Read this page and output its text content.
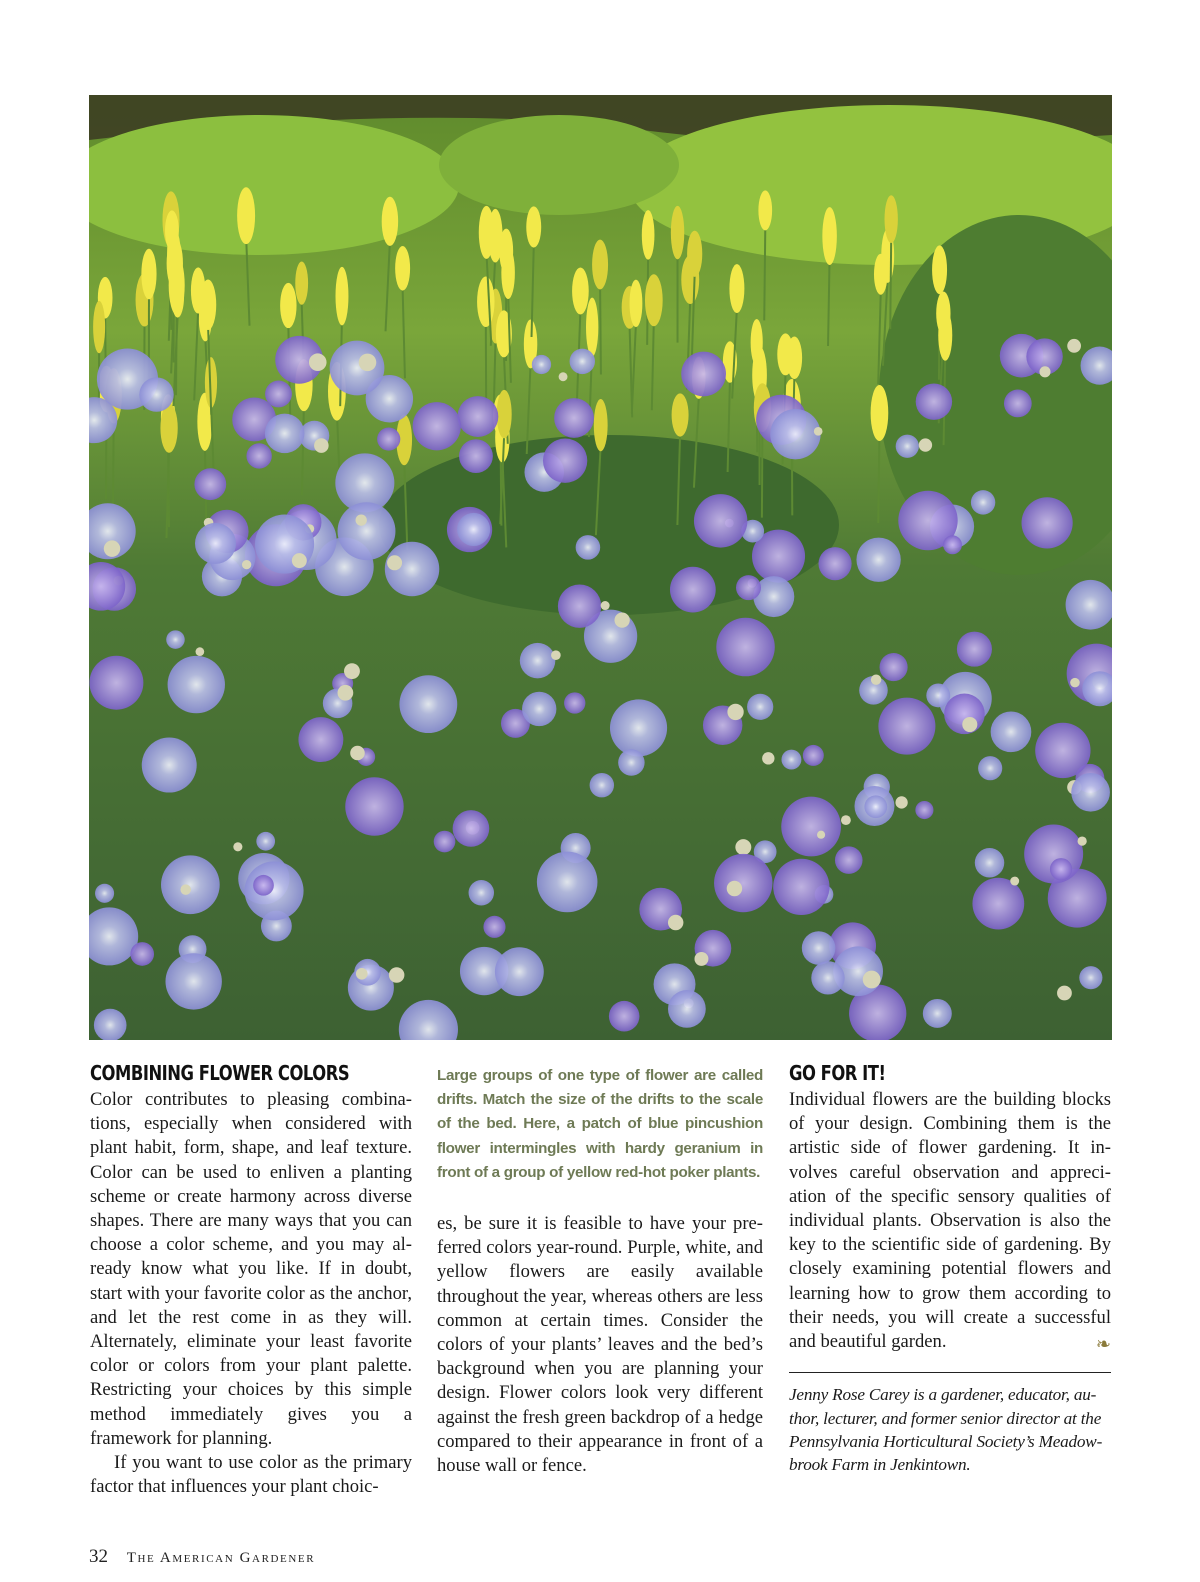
COMBINING FLOWER COLORS

Color contributes to pleasing combinations, especially when considered with plant habit, form, shape, and leaf texture. Color can be used to enliven a planting scheme or create harmony across diverse shapes. There are many ways that you can choose a color scheme, and you may already know what you like. If in doubt, start with your favorite color as the anchor, and let the rest come in as they will. Alternately, eliminate your least favorite color or colors from your plant palette. Restricting your choices by this simple method immediately gives you a framework for planning.

If you want to use color as the primary factor that influences your plant choic-

Large groups of one type of flower are called drifts. Match the size of the drifts to the scale of the bed. Here, a patch of blue pincushion flower intermingles with hardy geranium in front of a group of yellow red-hot poker plants.

es, be sure it is feasible to have your preferred colors year-round. Purple, white, and yellow flowers are easily available throughout the year, whereas others are less common at certain times. Consider the colors of your plants’ leaves and the bed’s background when you are planning your design. Flower colors look very different against the fresh green backdrop of a hedge compared to their appearance in front of a house wall or fence.

GO FOR IT!

Individual flowers are the building blocks of your design. Combining them is the artistic side of flower gardening. It involves careful observation and appreciation of the specific sensory qualities of individual plants. Observation is also the key to the scientific side of gardening. By closely examining potential flowers and learning how to grow them according to their needs, you will create a successful and beautiful garden.	❧

Jenny Rose Carey is a gardener, educator, author, lecturer, and former senior director at the Pennsylvania Horticultural Society’s Meadowbrook Farm in Jenkintown.
32 The American Gardener
